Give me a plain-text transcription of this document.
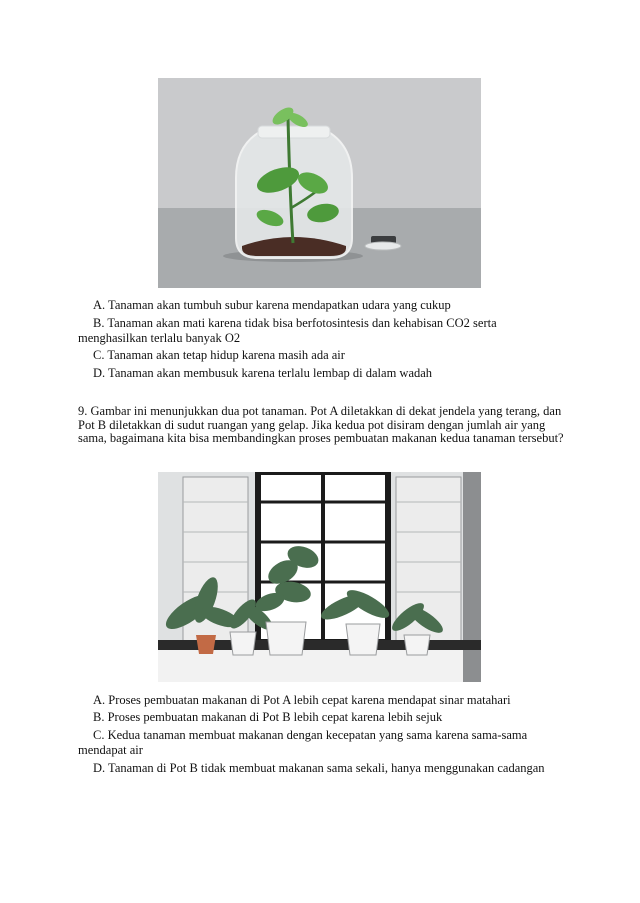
A. Tanaman akan tumbuh subur karena mendapatkan udara yang cukup

B. Tanaman akan mati karena tidak bisa berfotosintesis dan kehabisan CO2 serta menghasilkan terlalu banyak O2

C. Tanaman akan tetap hidup karena masih ada air

D. Tanaman akan membusuk karena terlalu lembap di dalam wadah

9. Gambar ini menunjukkan dua pot tanaman. Pot A diletakkan di dekat jendela yang terang, dan Pot B diletakkan di sudut ruangan yang gelap. Jika kedua pot disiram dengan jumlah air yang sama, bagaimana kita bisa membandingkan proses pembuatan makanan kedua tanaman tersebut?

A. Proses pembuatan makanan di Pot A lebih cepat karena mendapat sinar matahari

B. Proses pembuatan makanan di Pot B lebih cepat karena lebih sejuk

C. Kedua tanaman membuat makanan dengan kecepatan yang sama karena sama-sama mendapat air

D. Tanaman di Pot B tidak membuat makanan sama sekali, hanya menggunakan cadangan
